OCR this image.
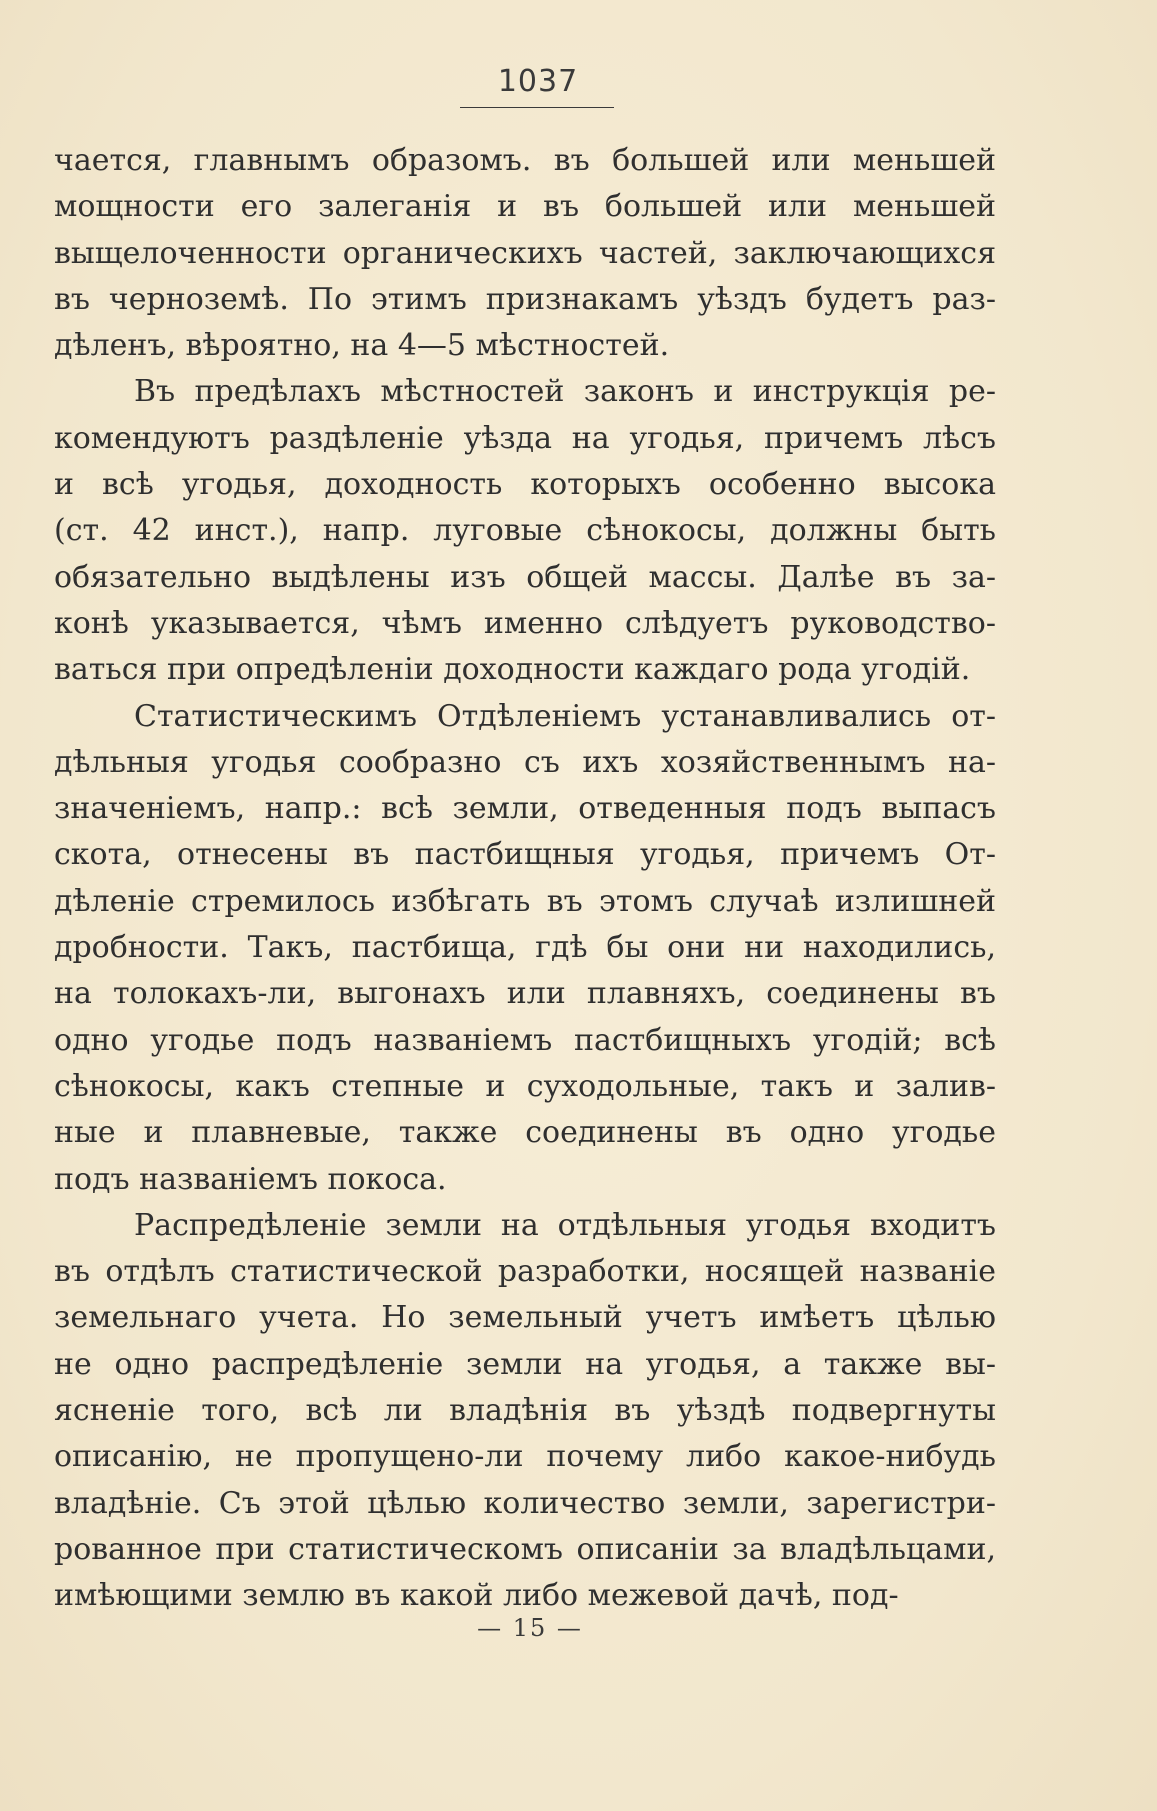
1037
чается, главнымъ образомъ. въ большей или меньшей
мощности его залеганія и въ большей или меньшей
выщелоченности органическихъ частей, заключающихся
въ черноземѣ. По этимъ признакамъ уѣздъ будетъ раз-
дѣленъ, вѣроятно, на 4—5 мѣстностей.
Въ предѣлахъ мѣстностей законъ и инструкція ре-
комендуютъ раздѣленіе уѣзда на угодья, причемъ лѣсъ
и всѣ угодья, доходность которыхъ особенно высока
(ст. 42 инст.), напр. луговые сѣнокосы, должны быть
обязательно выдѣлены изъ общей массы. Далѣе въ за-
конѣ указывается, чѣмъ именно слѣдуетъ руководство-
ваться при опредѣленіи доходности каждаго рода угодій.
Статистическимъ Отдѣленіемъ устанавливались от-
дѣльныя угодья сообразно съ ихъ хозяйственнымъ на-
значеніемъ, напр.: всѣ земли, отведенныя подъ выпасъ
скота, отнесены въ пастбищныя угодья, причемъ От-
дѣленіе стремилось избѣгать въ этомъ случаѣ излишней
дробности. Такъ, пастбища, гдѣ бы они ни находились,
на толокахъ-ли, выгонахъ или плавняхъ, соединены въ
одно угодье подъ названіемъ пастбищныхъ угодій; всѣ
сѣнокосы, какъ степные и суходольные, такъ и залив-
ные и плавневые, также соединены въ одно угодье
подъ названіемъ покоса.
Распредѣленіе земли на отдѣльныя угодья входитъ
въ отдѣлъ статистической разработки, носящей названіе
земельнаго учета. Но земельный учетъ имѣетъ цѣлью
не одно распредѣленіе земли на угодья, а также вы-
ясненіе того, всѣ ли владѣнія въ уѣздѣ подвергнуты
описанію, не пропущено-ли почему либо какое-нибудь
владѣніе. Съ этой цѣлью количество земли, зарегистри-
рованное при статистическомъ описаніи за владѣльцами,
имѣющими землю въ какой либо межевой дачѣ, под-
— 15 —
